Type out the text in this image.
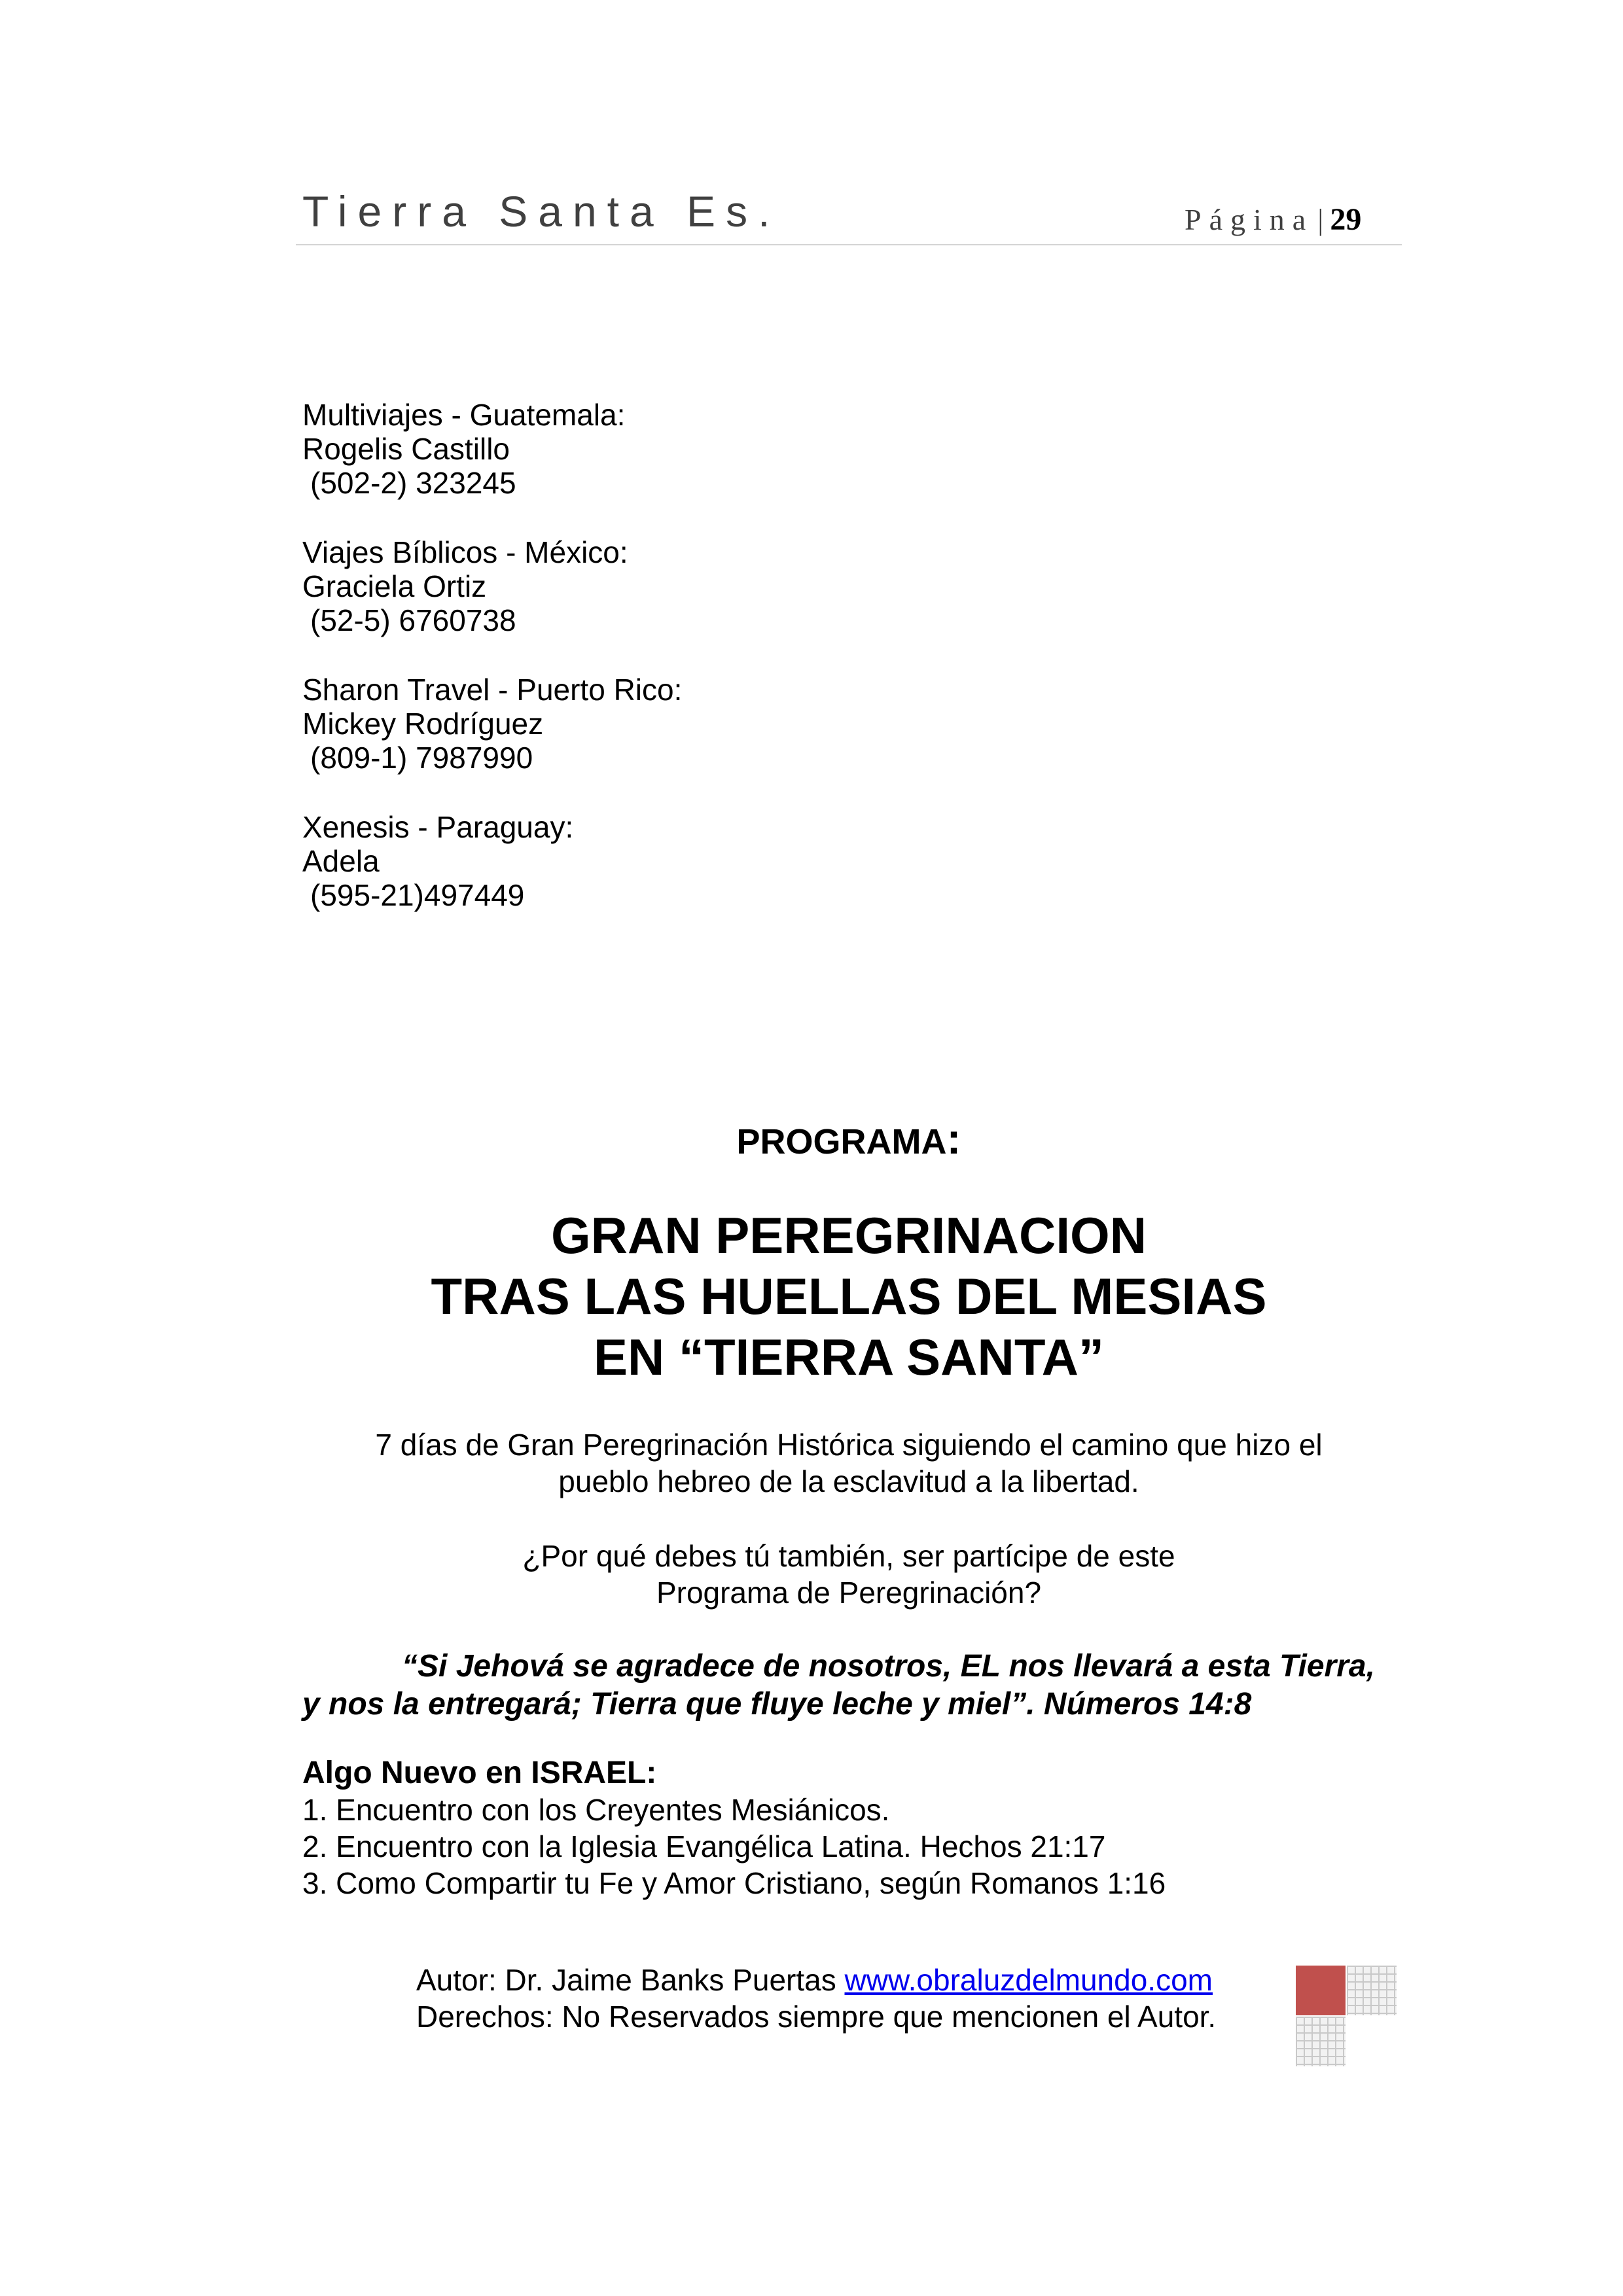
Tierra Santa Es.	Página | 29
Multiviajes - Guatemala:
Rogelis Castillo
(502-2) 323245
Viajes Bíblicos - México:
Graciela Ortiz
(52-5) 6760738
Sharon Travel - Puerto Rico:
Mickey Rodríguez
(809-1) 7987990
Xenesis - Paraguay:
Adela
(595-21)497449
PROGRAMA:
GRAN PEREGRINACION
TRAS LAS HUELLAS DEL MESIAS
EN “TIERRA SANTA”
7 días de Gran Peregrinación Histórica siguiendo el camino que hizo el
pueblo hebreo de la esclavitud a la libertad.
¿Por qué debes tú también, ser partícipe de este
Programa de Peregrinación?
“Si Jehová se agradece de nosotros, EL nos llevará a esta Tierra,
y nos la entregará; Tierra que fluye leche y miel”. Números 14:8
Algo Nuevo en ISRAEL:
1. Encuentro con los Creyentes Mesiánicos.
2. Encuentro con la Iglesia Evangélica Latina. Hechos 21:17
3. Como Compartir tu Fe y Amor Cristiano, según Romanos 1:16
Autor: Dr. Jaime Banks Puertas www.obraluzdelmundo.com
Derechos: No Reservados siempre que mencionen el Autor.
